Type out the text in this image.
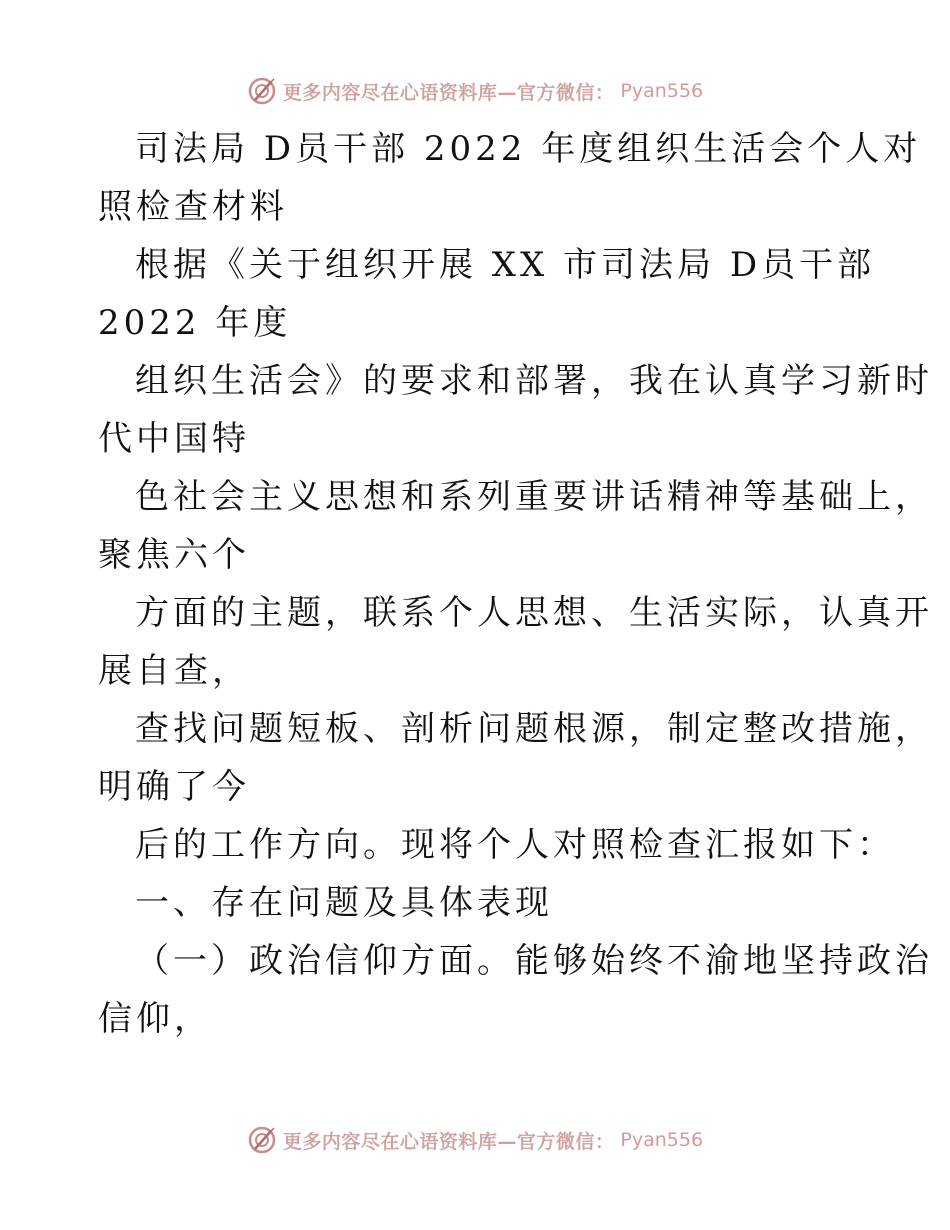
更多内容尽在心语资料库—官方微信： Pyan556
司法局 D员干部 2022 年度组织生活会个人对
照检查材料
根据《关于组织开展 XX 市司法局 D员干部
2022 年度
组织生活会》的要求和部署，我在认真学习新时
代中国特
色社会主义思想和系列重要讲话精神等基础上，
聚焦六个
方面的主题，联系个人思想、生活实际，认真开
展自查，
查找问题短板、剖析问题根源，制定整改措施，
明确了今
后的工作方向。现将个人对照检查汇报如下：
一、存在问题及具体表现
（一）政治信仰方面。能够始终不渝地坚持政治
信仰，
更多内容尽在心语资料库—官方微信： Pyan556
